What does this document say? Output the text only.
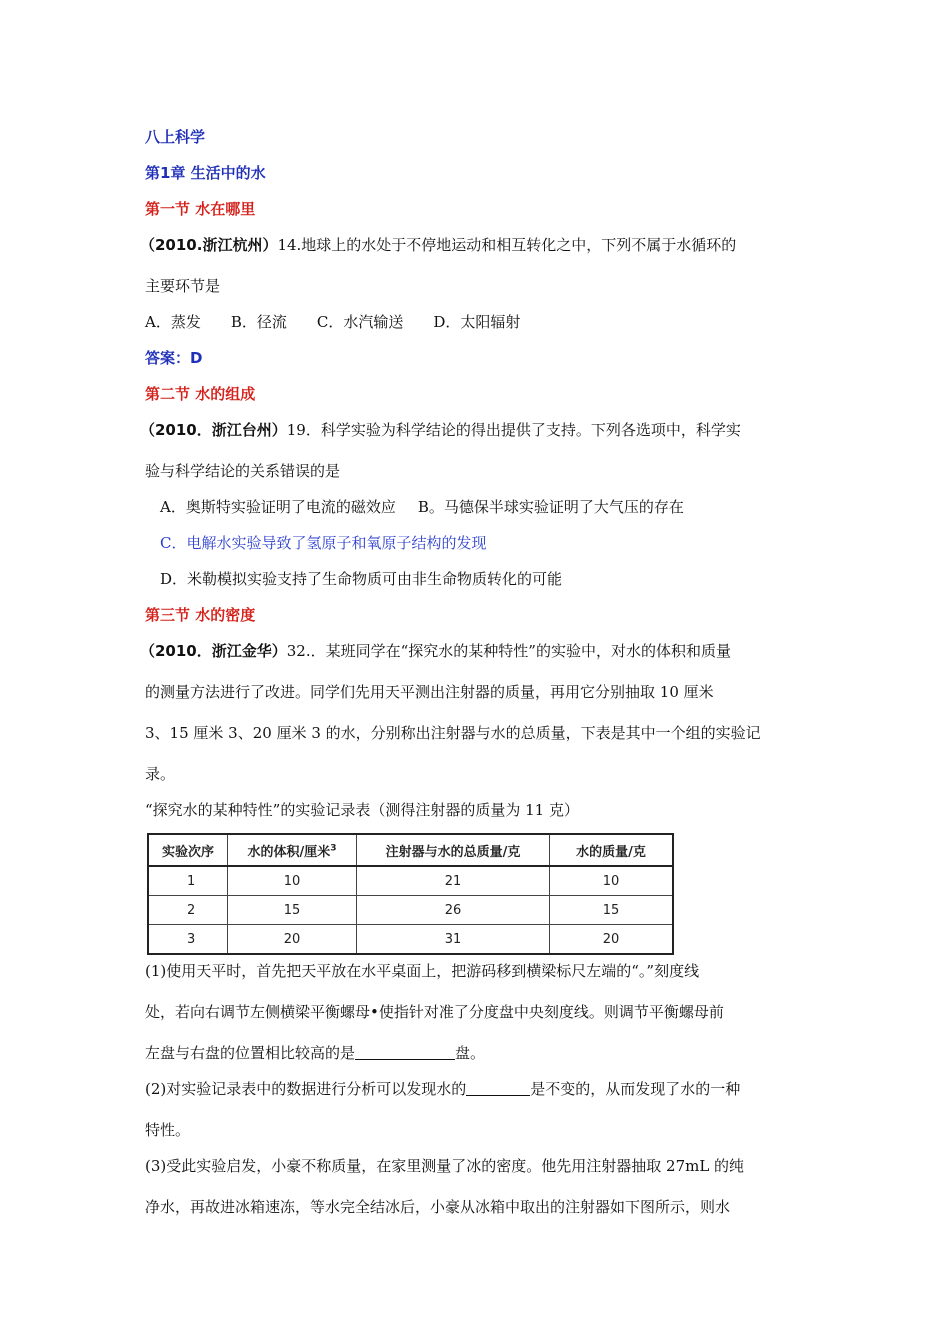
八上科学
第1章 生活中的水
第一节 水在哪里
（2010.浙江杭州）14.地球上的水处于不停地运动和相互转化之中，下列不属于水循环的
主要环节是
A．蒸发　　B．径流　　C．水汽输送　　D．太阳辐射
答案：D
第二节 水的组成
（2010．浙江台州）19．科学实验为科学结论的得出提供了支持。下列各选项中，科学实
验与科学结论的关系错误的是
A．奥斯特实验证明了电流的磁效应 B。马德保半球实验证明了大气压的存在
C．电解水实验导致了氢原子和氧原子结构的发现
D．米勒模拟实验支持了生命物质可由非生命物质转化的可能
第三节 水的密度
（2010．浙江金华）32.．某班同学在“探究水的某种特性”的实验中，对水的体积和质量
的测量方法进行了改进。同学们先用天平测出注射器的质量，再用它分别抽取 10 厘米
3、15 厘米 3、20 厘米 3 的水，分别称出注射器与水的总质量，下表是其中一个组的实验记
录。
“探究水的某种特性”的实验记录表（测得注射器的质量为 11 克）
实验次序	水的体积/厘米$^3$	注射器与水的总质量/克	水的质量/克
1	10	21	10
2	15	26	15
3	20	31	20
(1)使用天平时，首先把天平放在水平桌面上，把游码移到横梁标尺左端的“。”刻度线
处，若向右调节左侧横梁平衡螺母•使指针对准了分度盘中央刻度线。则调节平衡螺母前
左盘与右盘的位置相比较高的是	盘。
(2)对实验记录表中的数据进行分析可以发现水的	是不变的，从而发现了水的一种
特性。
(3)受此实验启发，小豪不称质量，在家里测量了冰的密度。他先用注射器抽取 27mL 的纯
净水，再故进冰箱速冻，等水完全结冰后，小豪从冰箱中取出的注射器如下图所示，则水
